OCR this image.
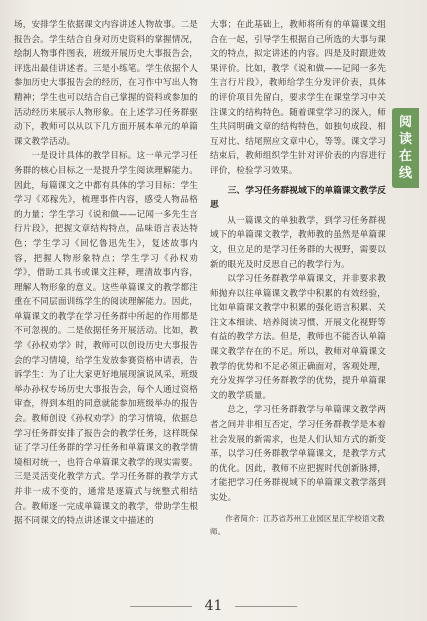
场，安排学生依据课文内容讲述人物故事。二是报告会。学生结合自身对历史资料的掌握情况，绘制人物事件图表，班级开展历史大事报告会，评选出最佳讲述者。三是小练笔。学生依据个人参加历史大事报告会的经历，在习作中写出人物精神；学生也可以结合自己掌握的资料或参加的活动经历来展示人物形象。在上述学习任务群驱动下，教师可以从以下几方面开展本单元的单篇课文教学活动。

一是设计具体的教学目标。这一单元学习任务群的核心目标之一是提升学生阅读理解能力。因此，每篇课文之中都有具体的学习目标：学生学习《邓稼先》，梳理事件内容，感受人物品格的力量；学生学习《说和做——记闻一多先生言行片段》，把握文章结构特点，品味语言表达特色；学生学习《回忆鲁迅先生》，复述故事内容，把握人物形象特点；学生学习《孙权劝学》，借助工具书或课文注释，理清故事内容，理解人物形象的意义。这些单篇课文的教学都注重在不同层面训练学生的阅读理解能力。因此，单篇课文的教学在学习任务群中所起的作用都是不可忽视的。二是依据任务开展活动。比如，教学《孙权劝学》时，教师可以创设历史大事报告会的学习情境，给学生发放参赛资格申请表，告诉学生：为了让大家更好地展现演说风采，班级举办孙权专场历史大事报告会，每个人通过资格审查，得到本组的同意就能参加班级举办的报告会。教师创设《孙权劝学》的学习情境，依据总学习任务群安排了报告会的教学任务，这样既保证了学习任务群的学习任务和单篇课文的教学情境相对统一，也符合单篇课文教学的现实需要。三是灵活变化教学方式。学习任务群的教学方式并非一成不变的，通常是逐篇式与统整式相结合。教师逐一完成单篇课文的教学，带助学生根据不同课文的特点讲述课文中描述的

大事；在此基础上，教师将所有的单篇课文组合在一起，引导学生根据自己所选的大事与课文的特点，拟定讲述的内容。四是及时跟进效果评价。比如，教学《说和做——记闻一多先生言行片段》，教师给学生分发评价表，具体的评价项目先留白，要求学生在课堂学习中关注课文的结构特色。随着课堂学习的深入，师生共同明确文章的结构特色，如独句成段、相互对比、结尾照应文章中心，等等。课文学习结束后，教师组织学生针对评价表的内容进行评价，检验学习效果。

三、学习任务群视域下的单篇课文教学反思

从一篇课文的单独教学，到学习任务群视域下的单篇课文教学，教师教的虽然是单篇课文，但立足的是学习任务群的大视野，需要以新的眼光及时反思自己的教学行为。

以学习任务群教学单篇课文，并非要求教师抛弃以往单篇课文教学中积累的有效经验，比如单篇课文教学中积累的强化语言积累、关注文本细读、培养阅读习惯、开展文化视野等有益的教学方法。但是，教师也不能否认单篇课文教学存在的不足。所以，教师对单篇课文教学的优势和不足必须正确面对，客观处理，充分发挥学习任务群教学的优势，提升单篇课文的教学质量。

总之，学习任务群教学与单篇课文教学两者之间并非相互否定，学习任务群教学是本着社会发展的新需求，也是人们认知方式的新变革，以学习任务群教学单篇课文，是教学方式的优化。因此，教师不应把握时代创新脉搏，才能把学习任务群视域下的单篇课文教学落到实处。

作者简介：江苏省苏州工业园区星汇学校语文教师。
阅
读
在
线
41
